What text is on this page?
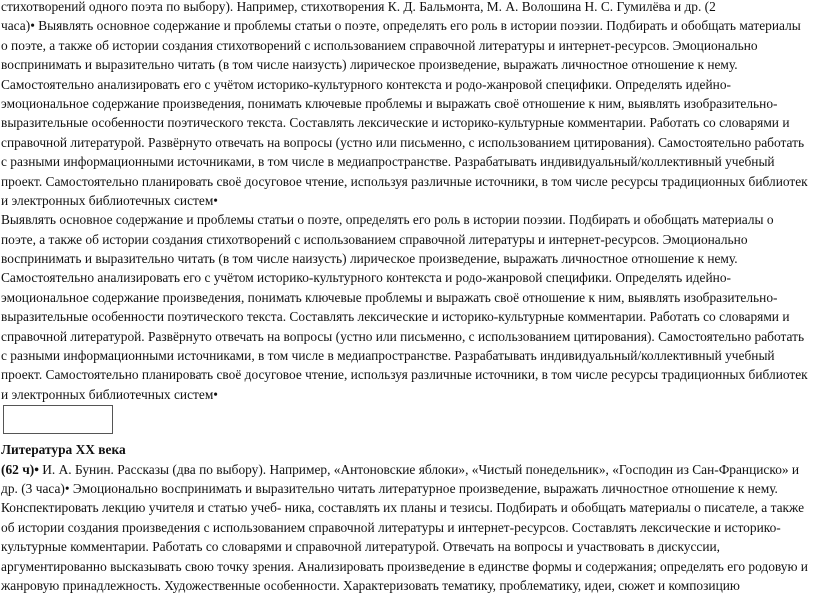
стихотворений одного поэта по выбору). Например, стихотворения К. Д. Бальмонта, М. А. Волошина Н. С. Гумилёва и др. (2
часа)• Выявлять основное содержание и проблемы статьи о поэте, определять его роль в истории поэзии. Подбирать и обобщать материалы
о поэте, а также об истории создания стихотворений с использованием справочной литературы и интернет-ресурсов. Эмоционально
воспринимать и выразительно читать (в том числе наизусть) лирическое произведение, выражать личностное отношение к нему.
Самостоятельно анализировать его с учётом историко-культурного контекста и родо-жанровой специфики. Определять идейно-
эмоциональное содержание произведения, понимать ключевые проблемы и выражать своё отношение к ним, выявлять изобразительно-
выразительные особенности поэтического текста. Составлять лексические и историко-культурные комментарии. Работать со словарями и
справочной литературой. Развёрнуто отвечать на вопросы (устно или письменно, с использованием цитирования). Самостоятельно работать
с разными информационными источниками, в том числе в медиапространстве. Разрабатывать индивидуальный/коллективный учебный
проект. Самостоятельно планировать своё досуговое чтение, используя различные источники, в том числе ресурсы традиционных библиотек
и электронных библиотечных систем•
Выявлять основное содержание и проблемы статьи о поэте, определять его роль в истории поэзии. Подбирать и обобщать материалы о
поэте, а также об истории создания стихотворений с использованием справочной литературы и интернет-ресурсов. Эмоционально
воспринимать и выразительно читать (в том числе наизусть) лирическое произведение, выражать личностное отношение к нему.
Самостоятельно анализировать его с учётом историко-культурного контекста и родо-жанровой специфики. Определять идейно-
эмоциональное содержание произведения, понимать ключевые проблемы и выражать своё отношение к ним, выявлять изобразительно-
выразительные особенности поэтического текста. Составлять лексические и историко-культурные комментарии. Работать со словарями и
справочной литературой. Развёрнуто отвечать на вопросы (устно или письменно, с использованием цитирования). Самостоятельно работать
с разными информационными источниками, в том числе в медиапространстве. Разрабатывать индивидуальный/коллективный учебный
проект. Самостоятельно планировать своё досуговое чтение, используя различные источники, в том числе ресурсы традиционных библиотек
и электронных библиотечных систем•
Литература XX века
(62 ч)• И. А. Бунин. Рассказы (два по выбору). Например, «Антоновские яблоки», «Чистый понедельник», «Господин из Сан-Франциско» и
др. (3 часа)• Эмоционально воспринимать и выразительно читать литературное произведение, выражать личностное отношение к нему.
Конспектировать лекцию учителя и статью учеб- ника, составлять их планы и тезисы. Подбирать и обобщать материалы о писателе, а также
об истории создания произведения с использованием справочной литературы и интернет-ресурсов. Составлять лексические и историко-
культурные комментарии. Работать со словарями и справочной литературой. Отвечать на вопросы и участвовать в дискуссии,
аргументированно высказывать свою точку зрения. Анализировать произведение в единстве формы и содержания; определять его родовую и
жанровую принадлежность. Художественные особенности. Характеризовать тематику, проблематику, идеи, сюжет и композицию
